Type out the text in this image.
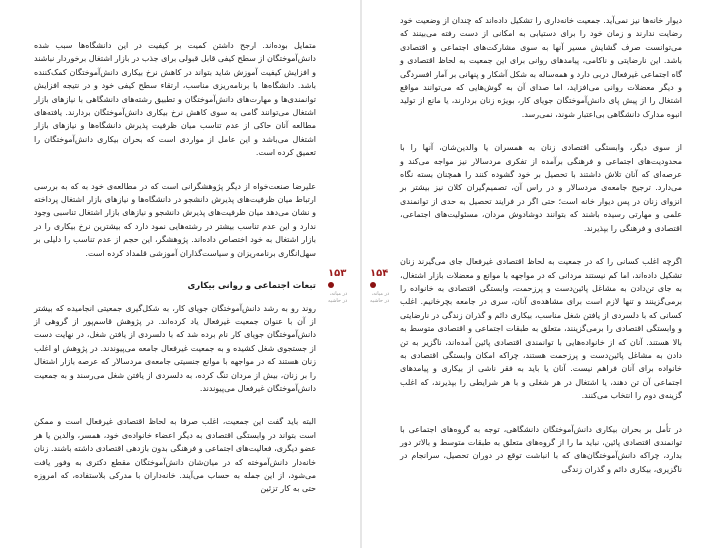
متمایل بوده‌اند. ارجح داشتن کمیت بر کیفیت در این دانشگاه‌ها سبب شده دانش‌آموختگان از سطح کیفی قابل قبولی برای جذب در بازار اشتغال برخوردار نباشند و افزایش کیفیت آموزش شاید بتواند در کاهش نرخ بیکاری دانش‌آموختگان کمک‌کننده باشد. دانشگاه‌ها با برنامه‌ریزی مناسب، ارتقاء سطح کیفی خود و در نتیجه افزایش توانمندی‌ها و مهارت‌های دانش‌آموختگان و تطبیق رشته‌های دانشگاهی با نیازهای بازار اشتغال می‌توانند گامی به سوی کاهش نرخ بیکاری دانش‌آموختگان بردارند. یافته‌های مطالعه آنان حاکی از عدم تناسب میان ظرفیت پذیرش دانشگاه‌ها و نیازهای بازار اشتغال می‌باشد و این عامل از مواردی است که بحران بیکاری دانش‌آموختگان را تعمیق کرده است.

علیرضا صنعت‌خواه از دیگر پژوهشگرانی است که در مطالعه‌ی خود به که به بررسی ارتباط میان ظرفیت‌های پذیرش دانشجو در دانشگاه‌ها و نیازهای بازار اشتغال پرداخته و نشان می‌دهد میان ظرفیت‌های پذیرش دانشجو و نیازهای بازار اشتغال تناسبی وجود ندارد و این عدم تناسب بیشتر در رشته‌هایی نمود دارد که بیشترین نرخ بیکاری را در بازار اشتغال به خود اختصاص داده‌اند. پژوهشگر، این حجم از عدم تناسب را دلیلی بر سهل‌انگاری برنامه‌ریزان و سیاست‌گذاران آموزشی قلمداد کرده است.

تبعات اجتماعی و روانی بیکاری

روند رو به رشد دانش‌آموختگان جویای کار، به شکل‌گیری جمعیتی انجامیده که بیشتر از آن با عنوان جمعیت غیرفعال یاد کرده‌اند. در پژوهش قاسم‌پور از گروهی از دانش‌آموختگان جویای کار نام برده شد که با دلسردی از یافتن شغل، در نهایت دست از جستجوی شغل کشیده و به جمعیت غیرفعال جامعه می‌پیوندند. در پژوهش او اغلب زنان هستند که در مواجهه با موانع جنسیتی جامعه‌ی مردسالار که عرصه بازار اشتغال را بر زنان، بیش از مردان تنگ کرده، به دلسردی از یافتن شغل می‌رسند و به جمعیت دانش‌آموختگان غیرفعال می‌پیوندند.

البته باید گفت این جمعیت، اغلب صرفا به لحاظ اقتصادی غیرفعال است و ممکن است بتواند در وابستگی اقتصادی به دیگر اعضاء خانواده‌ی خود، همسر، والدین یا هر عضو دیگری، فعالیت‌های اجتماعی و فرهنگی بدون بازدهی اقتصادی داشته باشند. زنان خانه‌دار دانش‌آموخته که در میان‌شان دانش‌آموختگان مقطع دکتری به وفور یافت می‌شود، از این جمله به حساب می‌آیند. خانه‌داران با مدرکی بلاستفاده، که امروزه حتی به کار تزئین

۱۵۳
در میانه،
در حاشیه
۱۵۴
در میانه،
در حاشیه

دیوار خانه‌ها نیز نمی‌آید. جمعیت خانه‌داری را تشکیل داده‌اند که چندان از وضعیت خود رضایت ندارند و زمان خود را برای دستیابی به امکانی از دست رفته می‌بینند که می‌توانست صرف گشایش مسیر آنها به سوی مشارکت‌های اجتماعی و اقتصادی باشد. این نارضایتی و ناکامی، پیامدهای روانی برای این جمعیت به لحاظ اقتصادی و گاه اجتماعی غیرفعال دربی دارد و همه‌ساله به شکل آشکار و پنهانی بر آمار افسردگی و دیگر معضلات روانی می‌افزاید، اما صدای آن به گوش‌هایی که می‌توانند مواقع اشتغال را از پیش پای دانش‌آموختگان جویای کار، بویژه زنان بردارند، یا مانع از تولید انبوه مدارک دانشگاهی بی‌اعتبار شوند، نمی‌رسد.

از سوی دیگر، وابستگی اقتصادی زنان به همسران یا والدین‌شان، آنها را با محدودیت‌های اجتماعی و فرهنگی برآمده از تفکری مردسالار نیز مواجه می‌کند و عرصه‌ای که آنان تلاش داشتند با تحصیل بر خود گشوده کنند را همچنان بسته نگاه می‌دارد. ترجیح جامعه‌ی مردسالار و در راس آن، تصمیم‌گیران کلان نیز بیشتر بر انزوای زنان در پس دیوار خانه است؛ حتی اگر در فرایند تحصیل به حدی از توانمندی علمی و مهارتی رسیده باشند که بتوانند دوشادوش مردان، مسئولیت‌های اجتماعی، اقتصادی و فرهنگی را بپذیرند.

اگرچه اغلب کسانی را که در جمعیت به لحاظ اقتصادی غیرفعال جای می‌گیرند زنان تشکیل داده‌اند، اما کم نیستند مردانی که در مواجهه با موانع و معضلات بازار اشتغال، به جای تن‌دادن به مشاغل پائین‌دست و پرزحمت، وابستگی اقتصادی به خانواده را برمی‌گزینند و تنها لازم است برای مشاهده‌ی آنان، سری در جامعه بچرخانیم. اغلب کسانی که با دلسردی از یافتن شغل مناسب، بیکاری دائم و گذران زندگی در نارضایتی و وابستگی اقتصادی را برمی‌گزینند، متعلق به طبقات اجتماعی و اقتصادی متوسط به بالا هستند. آنان که از خانواده‌هایی با توانمندی اقتصادی پائین آمده‌اند، ناگزیر به تن دادن به مشاغل پائین‌دست و پرزحمت هستند، چراکه امکان وابستگی اقتصادی به خانواده برای آنان فراهم نیست. آنان یا باید به فقر ناشی از بیکاری و پیامدهای اجتماعی آن تن دهند، یا اشتغال در هر شغلی و با هر شرایطی را بپذیرند، که اغلب گزینه‌ی دوم را انتخاب می‌کنند.

در تأمل بر بحران بیکاری دانش‌آموختگان دانشگاهی، توجه به گروه‌های اجتماعی با توانمندی اقتصادی پائین، نباید ما را از گروه‌های متعلق به طبقات متوسط و بالاتر دور بدارد، چراکه دانش‌آموختگان‌های که با انباشت توقع در دوران تحصیل، سرانجام در ناگزیری، بیکاری دائم و گذران زندگی
